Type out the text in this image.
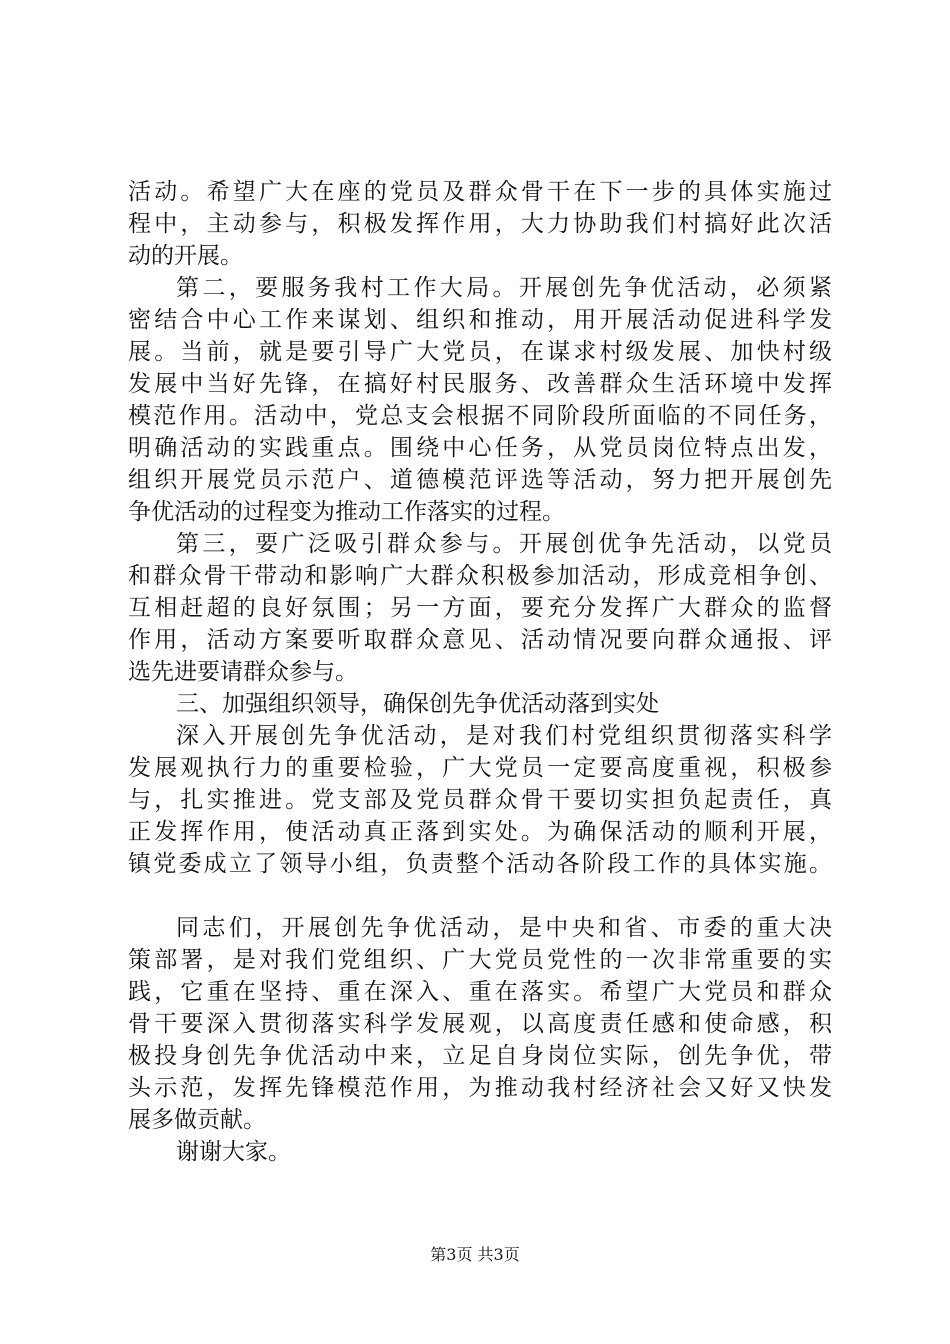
活动。希望广大在座的党员及群众骨干在下一步的具体实施过
程中，主动参与，积极发挥作用，大力协助我们村搞好此次活
动的开展。
第二，要服务我村工作大局。开展创先争优活动，必须紧
密结合中心工作来谋划、组织和推动，用开展活动促进科学发
展。当前，就是要引导广大党员，在谋求村级发展、加快村级
发展中当好先锋，在搞好村民服务、改善群众生活环境中发挥
模范作用。活动中，党总支会根据不同阶段所面临的不同任务，
明确活动的实践重点。围绕中心任务，从党员岗位特点出发，
组织开展党员示范户、道德模范评选等活动，努力把开展创先
争优活动的过程变为推动工作落实的过程。
第三，要广泛吸引群众参与。开展创优争先活动，以党员
和群众骨干带动和影响广大群众积极参加活动，形成竞相争创、
互相赶超的良好氛围；另一方面，要充分发挥广大群众的监督
作用，活动方案要听取群众意见、活动情况要向群众通报、评
选先进要请群众参与。
三、加强组织领导，确保创先争优活动落到实处
深入开展创先争优活动，是对我们村党组织贯彻落实科学
发展观执行力的重要检验，广大党员一定要高度重视，积极参
与，扎实推进。党支部及党员群众骨干要切实担负起责任，真
正发挥作用，使活动真正落到实处。为确保活动的顺利开展，
镇党委成立了领导小组，负责整个活动各阶段工作的具体实施。
同志们，开展创先争优活动，是中央和省、市委的重大决
策部署，是对我们党组织、广大党员党性的一次非常重要的实
践，它重在坚持、重在深入、重在落实。希望广大党员和群众
骨干要深入贯彻落实科学发展观，以高度责任感和使命感，积
极投身创先争优活动中来，立足自身岗位实际，创先争优，带
头示范，发挥先锋模范作用，为推动我村经济社会又好又快发
展多做贡献。
谢谢大家。
第3页 共3页
